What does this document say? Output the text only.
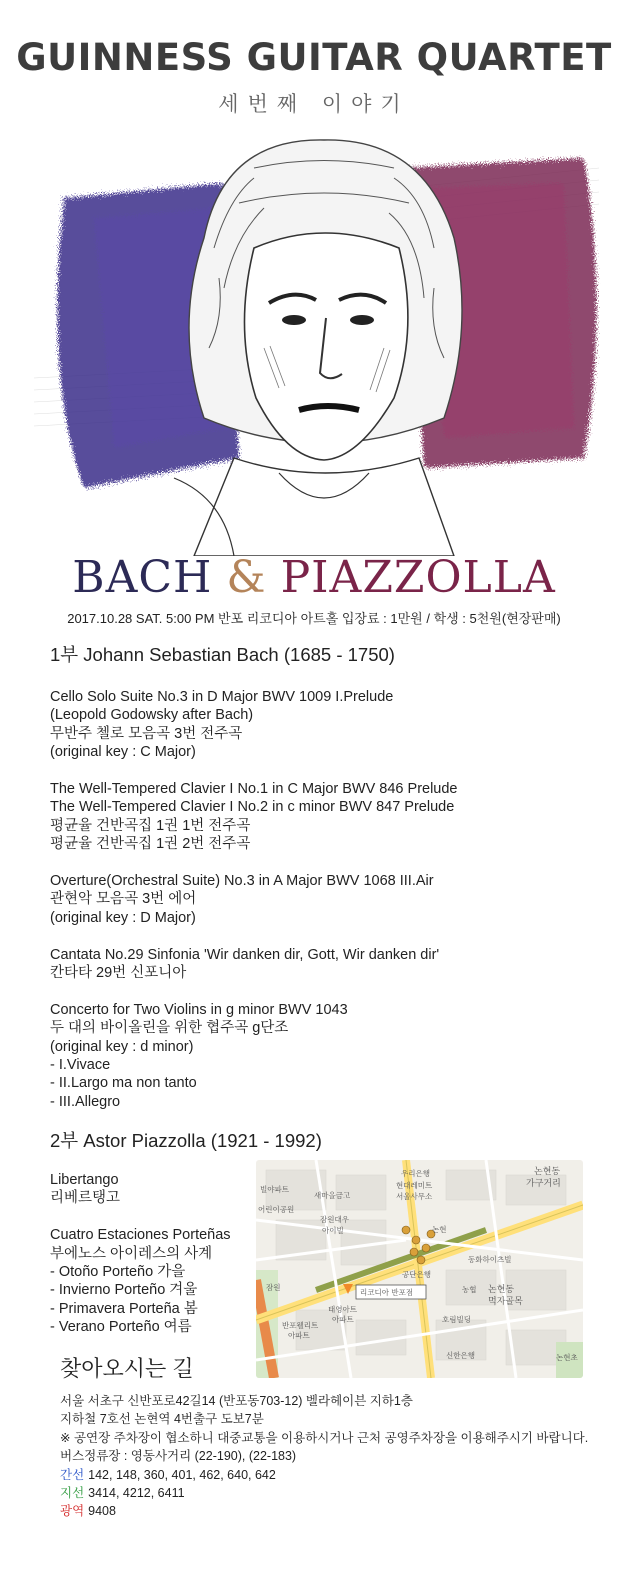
GUINNESS GUITAR QUARTET
세번째 이야기
BACH & PIAZZOLLA
2017.10.28 SAT. 5:00 PM 반포 리코디아 아트홀 입장료 : 1만원 / 학생 : 5천원(현장판매)
1부 Johann Sebastian Bach (1685 - 1750)
Cello Solo Suite No.3 in D Major BWV 1009 I.Prelude
(Leopold Godowsky after Bach)
무반주 첼로 모음곡 3번 전주곡
(original key : C Major)
The Well-Tempered Clavier I No.1 in C Major BWV 846 Prelude
The Well-Tempered Clavier I No.2 in c minor BWV 847 Prelude
평균율 건반곡집 1권 1번 전주곡
평균율 건반곡집 1권 2번 전주곡
Overture(Orchestral Suite) No.3 in A Major BWV 1068 III.Air
관현악 모음곡 3번 에어
(original key : D Major)
Cantata No.29 Sinfonia 'Wir danken dir, Gott, Wir danken dir'
칸타타 29번 신포니아
Concerto for Two Violins in g minor BWV 1043
두 대의 바이올린을 위한 협주곡 g단조
(original key : d minor)
- I.Vivace
- II.Largo ma non tanto
- III.Allegro
2부 Astor Piazzolla (1921 - 1992)
Libertango
리베르탱고
Cuatro Estaciones Porteñas
부에노스 아이레스의 사계
- Otoño Porteño 가을
- Invierno Porteño 겨울
- Primavera Porteña 봄
- Verano Porteño 여름
리코디아 반포점
논현동
가구거리
우리은행
현대레미트
서울사무소
빌야파트
새마을금고
어린이공원
잠원대우
아이빌
공단은행
동화하이츠빌
논현
농협 논현동
먹자골목
잠원
반포웰리트
아파트
태영아트
아파트	호림빌딩
신한은행	논현초
찾아오시는 길
서울 서초구 신반포로42길14 (반포동703-12) 벨라헤이븐 지하1층
지하철 7호선 논현역 4번출구 도보7분
※ 공연장 주차장이 협소하니 대중교통을 이용하시거나 근처 공영주차장을 이용해주시기 바랍니다.
버스정류장 : 영동사거리 (22-190), (22-183)
간선 142, 148, 360, 401, 462, 640, 642
지선 3414, 4212, 6411
광역 9408
